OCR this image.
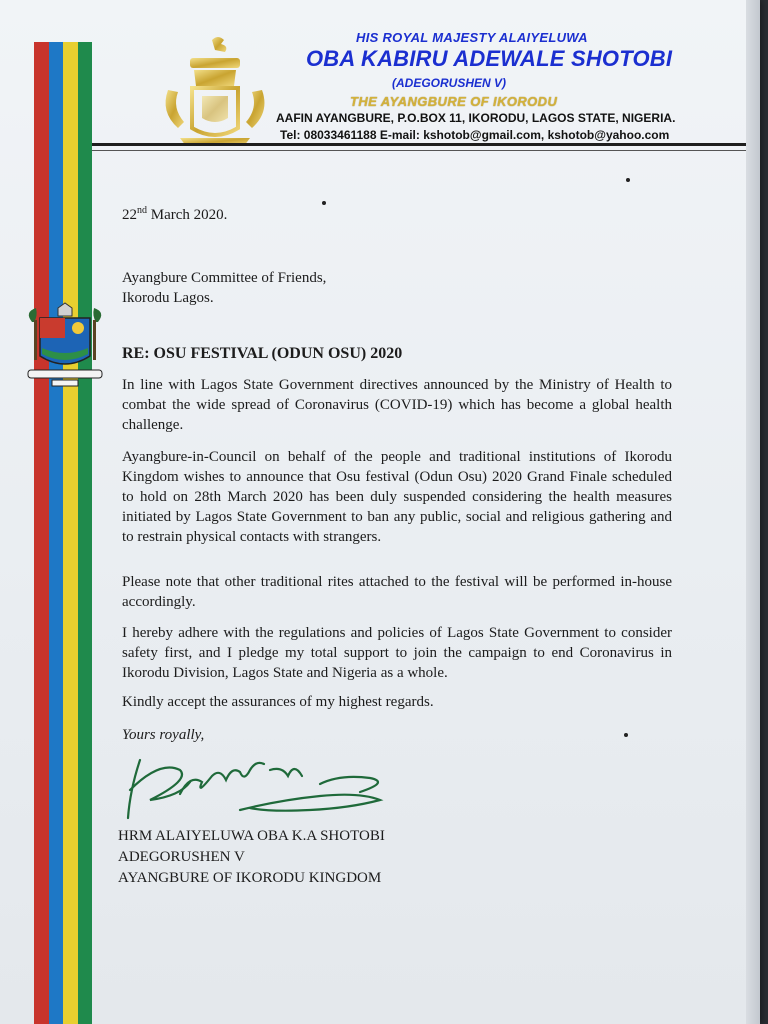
HIS ROYAL MAJESTY ALAIYELUWA
OBA KABIRU ADEWALE SHOTOBI
(ADEGORUSHEN V)
THE AYANGBURE OF IKORODU
AAFIN AYANGBURE, P.O.BOX 11, IKORODU, LAGOS STATE, NIGERIA.
Tel: 08033461188 E-mail: kshotob@gmail.com, kshotob@yahoo.com
22nd March 2020.
Ayangbure Committee of Friends,
Ikorodu Lagos.
RE: OSU FESTIVAL (ODUN OSU) 2020
In line with Lagos State Government directives announced by the Ministry of Health to combat the wide spread of Coronavirus (COVID-19) which has become a global health challenge.
Ayangbure-in-Council on behalf of the people and traditional institutions of Ikorodu Kingdom wishes to announce that Osu festival (Odun Osu) 2020 Grand Finale scheduled to hold on 28th March 2020 has been duly suspended considering the health measures initiated by Lagos State Government to ban any public, social and religious gathering and to restrain physical contacts with strangers.
Please note that other traditional rites attached to the festival will be performed in-house accordingly.
I hereby adhere with the regulations and policies of Lagos State Government to consider safety first, and I pledge my total support to join the campaign to end Coronavirus in Ikorodu Division, Lagos State and Nigeria as a whole.
Kindly accept the assurances of my highest regards.
Yours royally,
HRM ALAIYELUWA OBA K.A SHOTOBI
ADEGORUSHEN V
AYANGBURE OF IKORODU KINGDOM
